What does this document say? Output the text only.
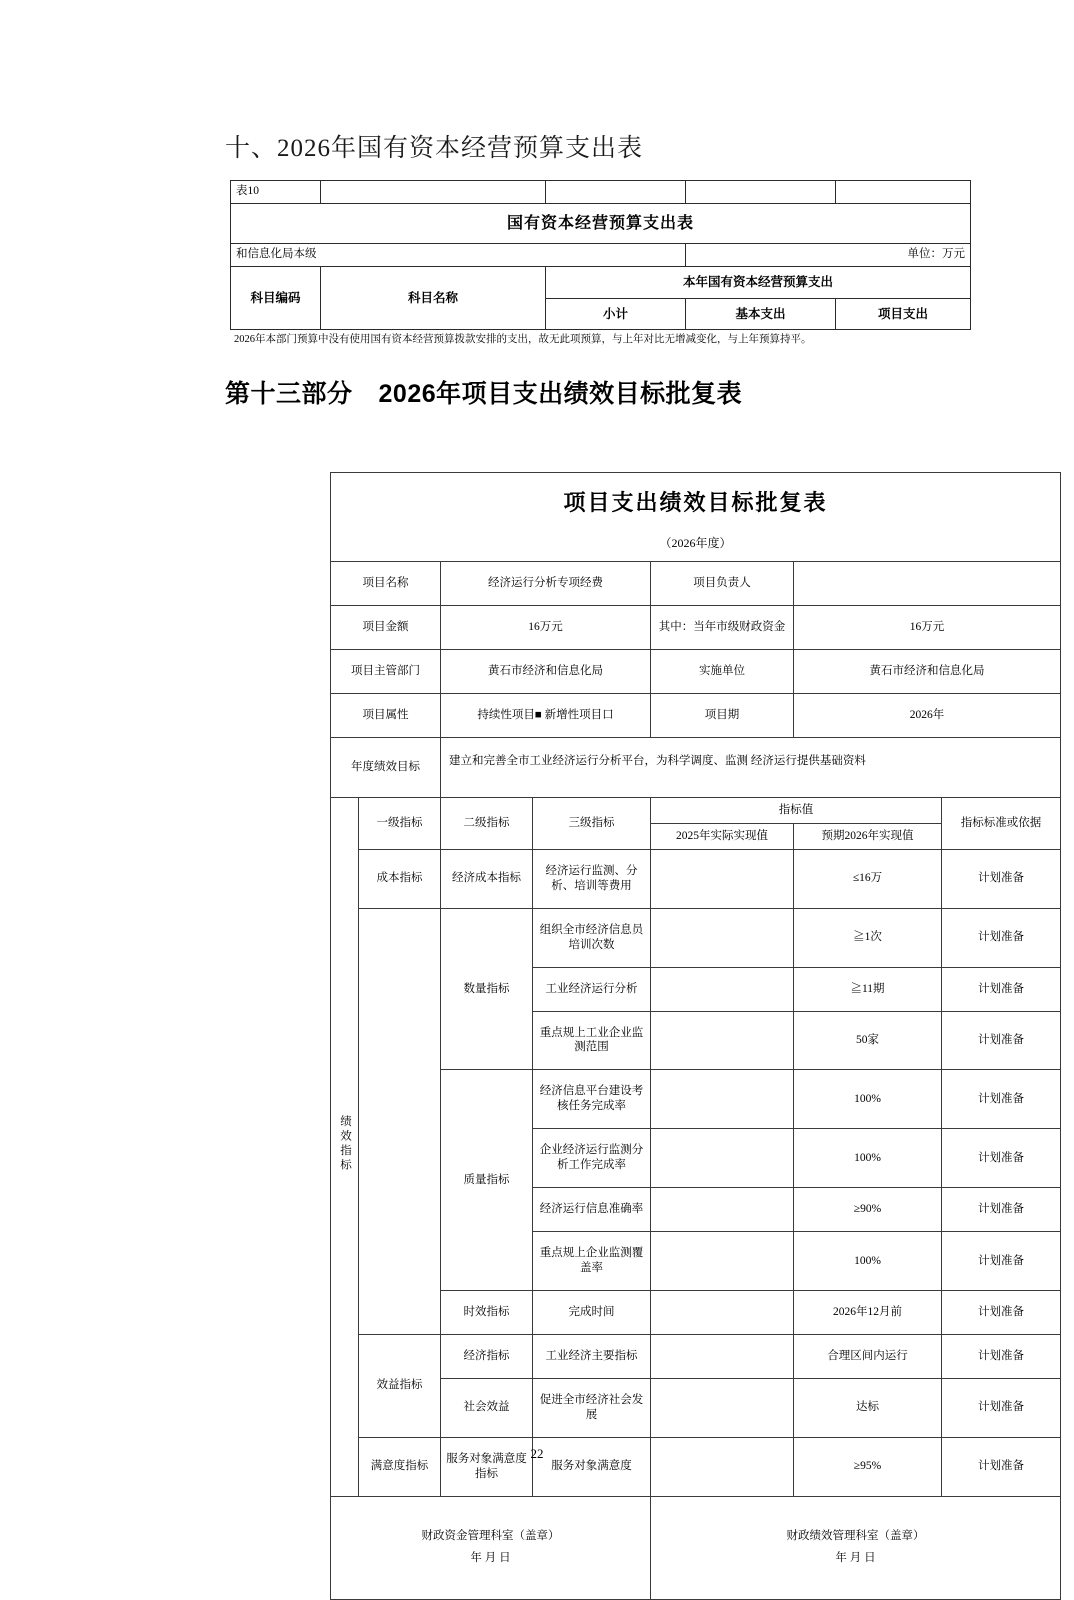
十、2026年国有资本经营预算支出表
表10				
国有资本经营预算支出表				
和信息化局本级			单位：万元	
科目编码	科目名称	本年国有资本经营预算支出		
		小计	基本支出	项目支出
2026年本部门预算中没有使用国有资本经营预算拨款安排的支出，故无此项预算，与上年对比无增减变化，与上年预算持平。
第十三部分 2026年项目支出绩效目标批复表
项目支出绩效目标批复表						
（2026年度）						
项目名称		经济运行分析专项经费		项目负责人		
项目金额		16万元		其中：当年市级财政资金	16万元	
项目主管部门		黄石市经济和信息化局		实施单位	黄石市经济和信息化局	
项目属性		持续性项目■ 新增性项目口		项目期	2026年	
年度绩效目标		建立和完善全市工业经济运行分析平台，为科学调度、监测 经济运行提供基础资料				
绩效指标	一级指标	二级指标	三级指标	指标值		指标标准或依据
				2025年实际实现值	预期2026年实现值	
	成本指标	经济成本指标	经济运行监测、分析、培训等费用		≤16万	计划准备
		数量指标	组织全市经济信息员培训次数		≧1次	计划准备
			工业经济运行分析		≧11期	计划准备
			重点规上工业企业监测范围		50家	计划准备
		质量指标	经济信息平台建设考核任务完成率		100%	计划准备
			企业经济运行监测分析工作完成率		100%	计划准备
			经济运行信息准确率		≥90%	计划准备
			重点规上企业监测覆盖率		100%	计划准备
		时效指标	完成时间		2026年12月前	计划准备
	效益指标	经济指标	工业经济主要指标		合理区间内运行	计划准备
		社会效益	促进全市经济社会发展		达标	计划准备
	满意度指标	服务对象满意度指标	服务对象满意度		≥95%	计划准备

财政资金管理科室（盖章）
年 月 日

财政绩效管理科室（盖章）
年 月 日
22
